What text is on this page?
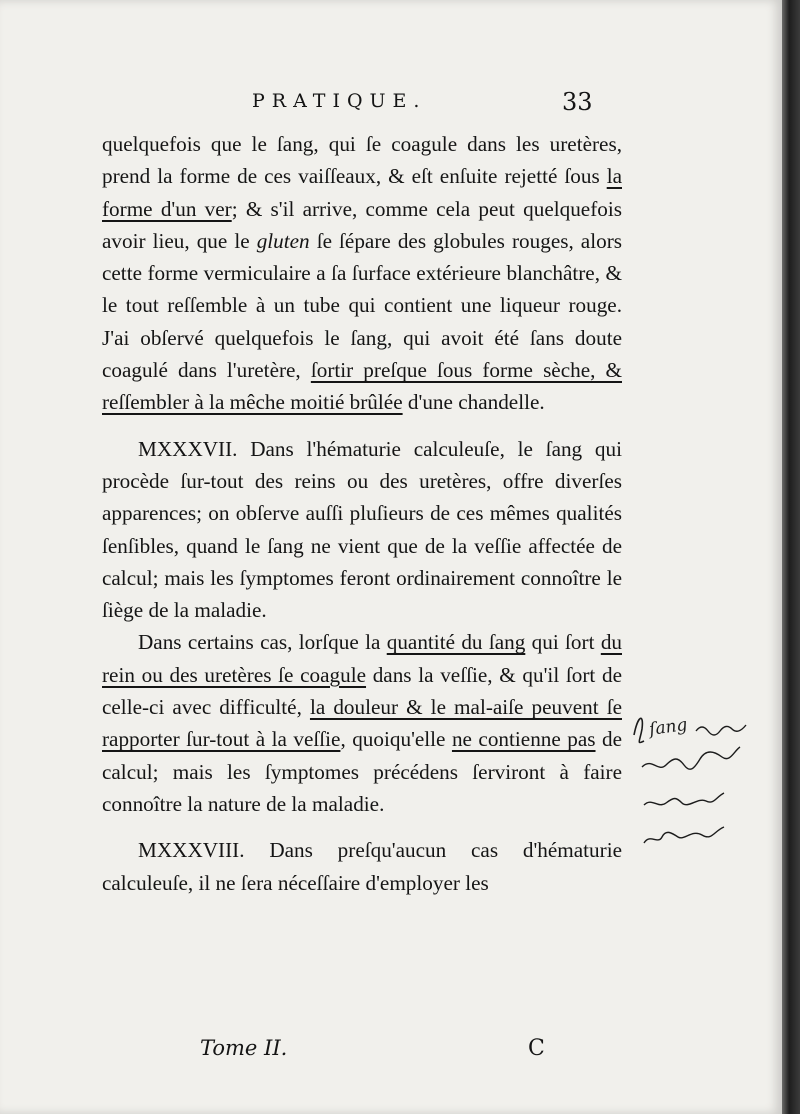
PRATIQUE.	33

quelquefois que le ſang, qui ſe coagule dans les uretères, prend la forme de ces vaiſſeaux, & eſt enſuite rejetté ſous la forme d'un ver; & s'il arrive, comme cela peut quelquefois avoir lieu, que le gluten ſe ſépare des globules rouges, alors cette forme vermiculaire a ſa ſurface extérieure blanchâtre, & le tout reſſemble à un tube qui contient une liqueur rouge. J'ai obſervé quelquefois le ſang, qui avoit été ſans doute coagulé dans l'uretère, ſortir preſque ſous forme sèche, & reſſembler à la mêche moitié brûlée d'une chandelle.

MXXXVII. Dans l'hématurie calculeuſe, le ſang qui procède ſur-tout des reins ou des uretères, offre diverſes apparences; on obſerve auſſi pluſieurs de ces mêmes qualités ſenſibles, quand le ſang ne vient que de la veſſie affectée de calcul; mais les ſymptomes feront ordinairement connoître le ſiège de la maladie.

Dans certains cas, lorſque la quantité du ſang qui ſort du rein ou des uretères ſe coagule dans la veſſie, & qu'il ſort de celle-ci avec difficulté, la douleur & le mal-aiſe peuvent ſe rapporter ſur-tout à la veſſie, quoiqu'elle ne contienne pas de calcul; mais les ſymptomes précédens ſerviront à faire connoître la nature de la maladie.

MXXXVIII. Dans preſqu'aucun cas d'hématurie calculeuſe, il ne ſera néceſſaire d'employer les

ſang
Tome II.	C
